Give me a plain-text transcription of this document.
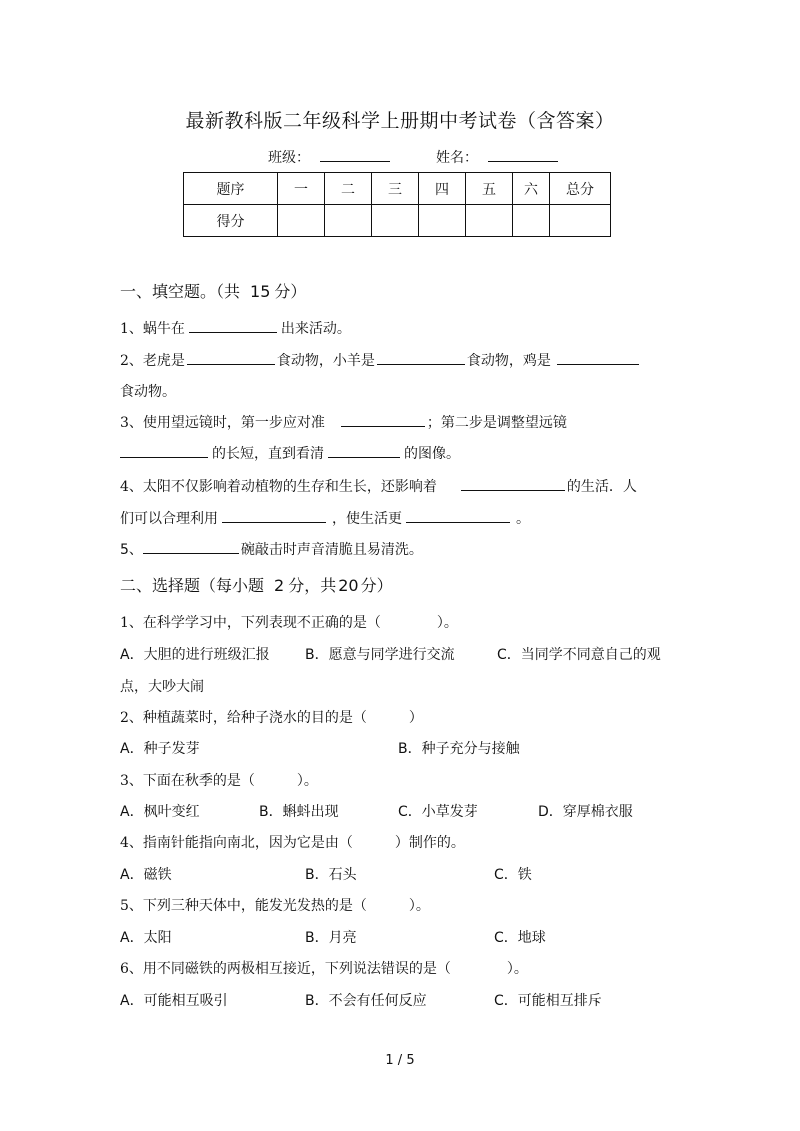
最新教科版二年级科学上册期中考试卷（含答案）
班级：	姓名：
题序	一	二	三	四	五	六	总分
得分							
一、填空题。（共 15 分）
1、蜗牛在	出来活动。
2、老虎是	食动物，小羊是	食动物，鸡是
食动物。
3、使用望远镜时，第一步应对准	；第二步是调整望远镜
的长短，直到看清	的图像。
4、太阳不仅影响着动植物的生存和生长，还影响着	的生活．人
们可以合理利用	，使生活更	。
5、	碗敲击时声音清脆且易清洗。
二、选择题（每小题 2 分，共 20 分）
1、在科学学习中，下列表现不正确的是（　　　　）。
A．大胆的进行班级汇报	B．愿意与同学进行交流	C．当同学不同意自己的观
点，大吵大闹
2、种植蔬菜时，给种子浇水的目的是（　　　）
A．种子发芽	B．种子充分与接触
3、下面在秋季的是（　　　）。
A．枫叶变红	B．蝌蚪出现	C．小草发芽	D．穿厚棉衣服
4、指南针能指向南北，因为它是由（　　　）制作的。
A．磁铁	B．石头	C．铁
5、下列三种天体中，能发光发热的是（　　　）。
A．太阳	B．月亮	C．地球
6、用不同磁铁的两极相互接近，下列说法错误的是（　　　　）。
A．可能相互吸引	B．不会有任何反应	C．可能相互排斥
1 / 5
